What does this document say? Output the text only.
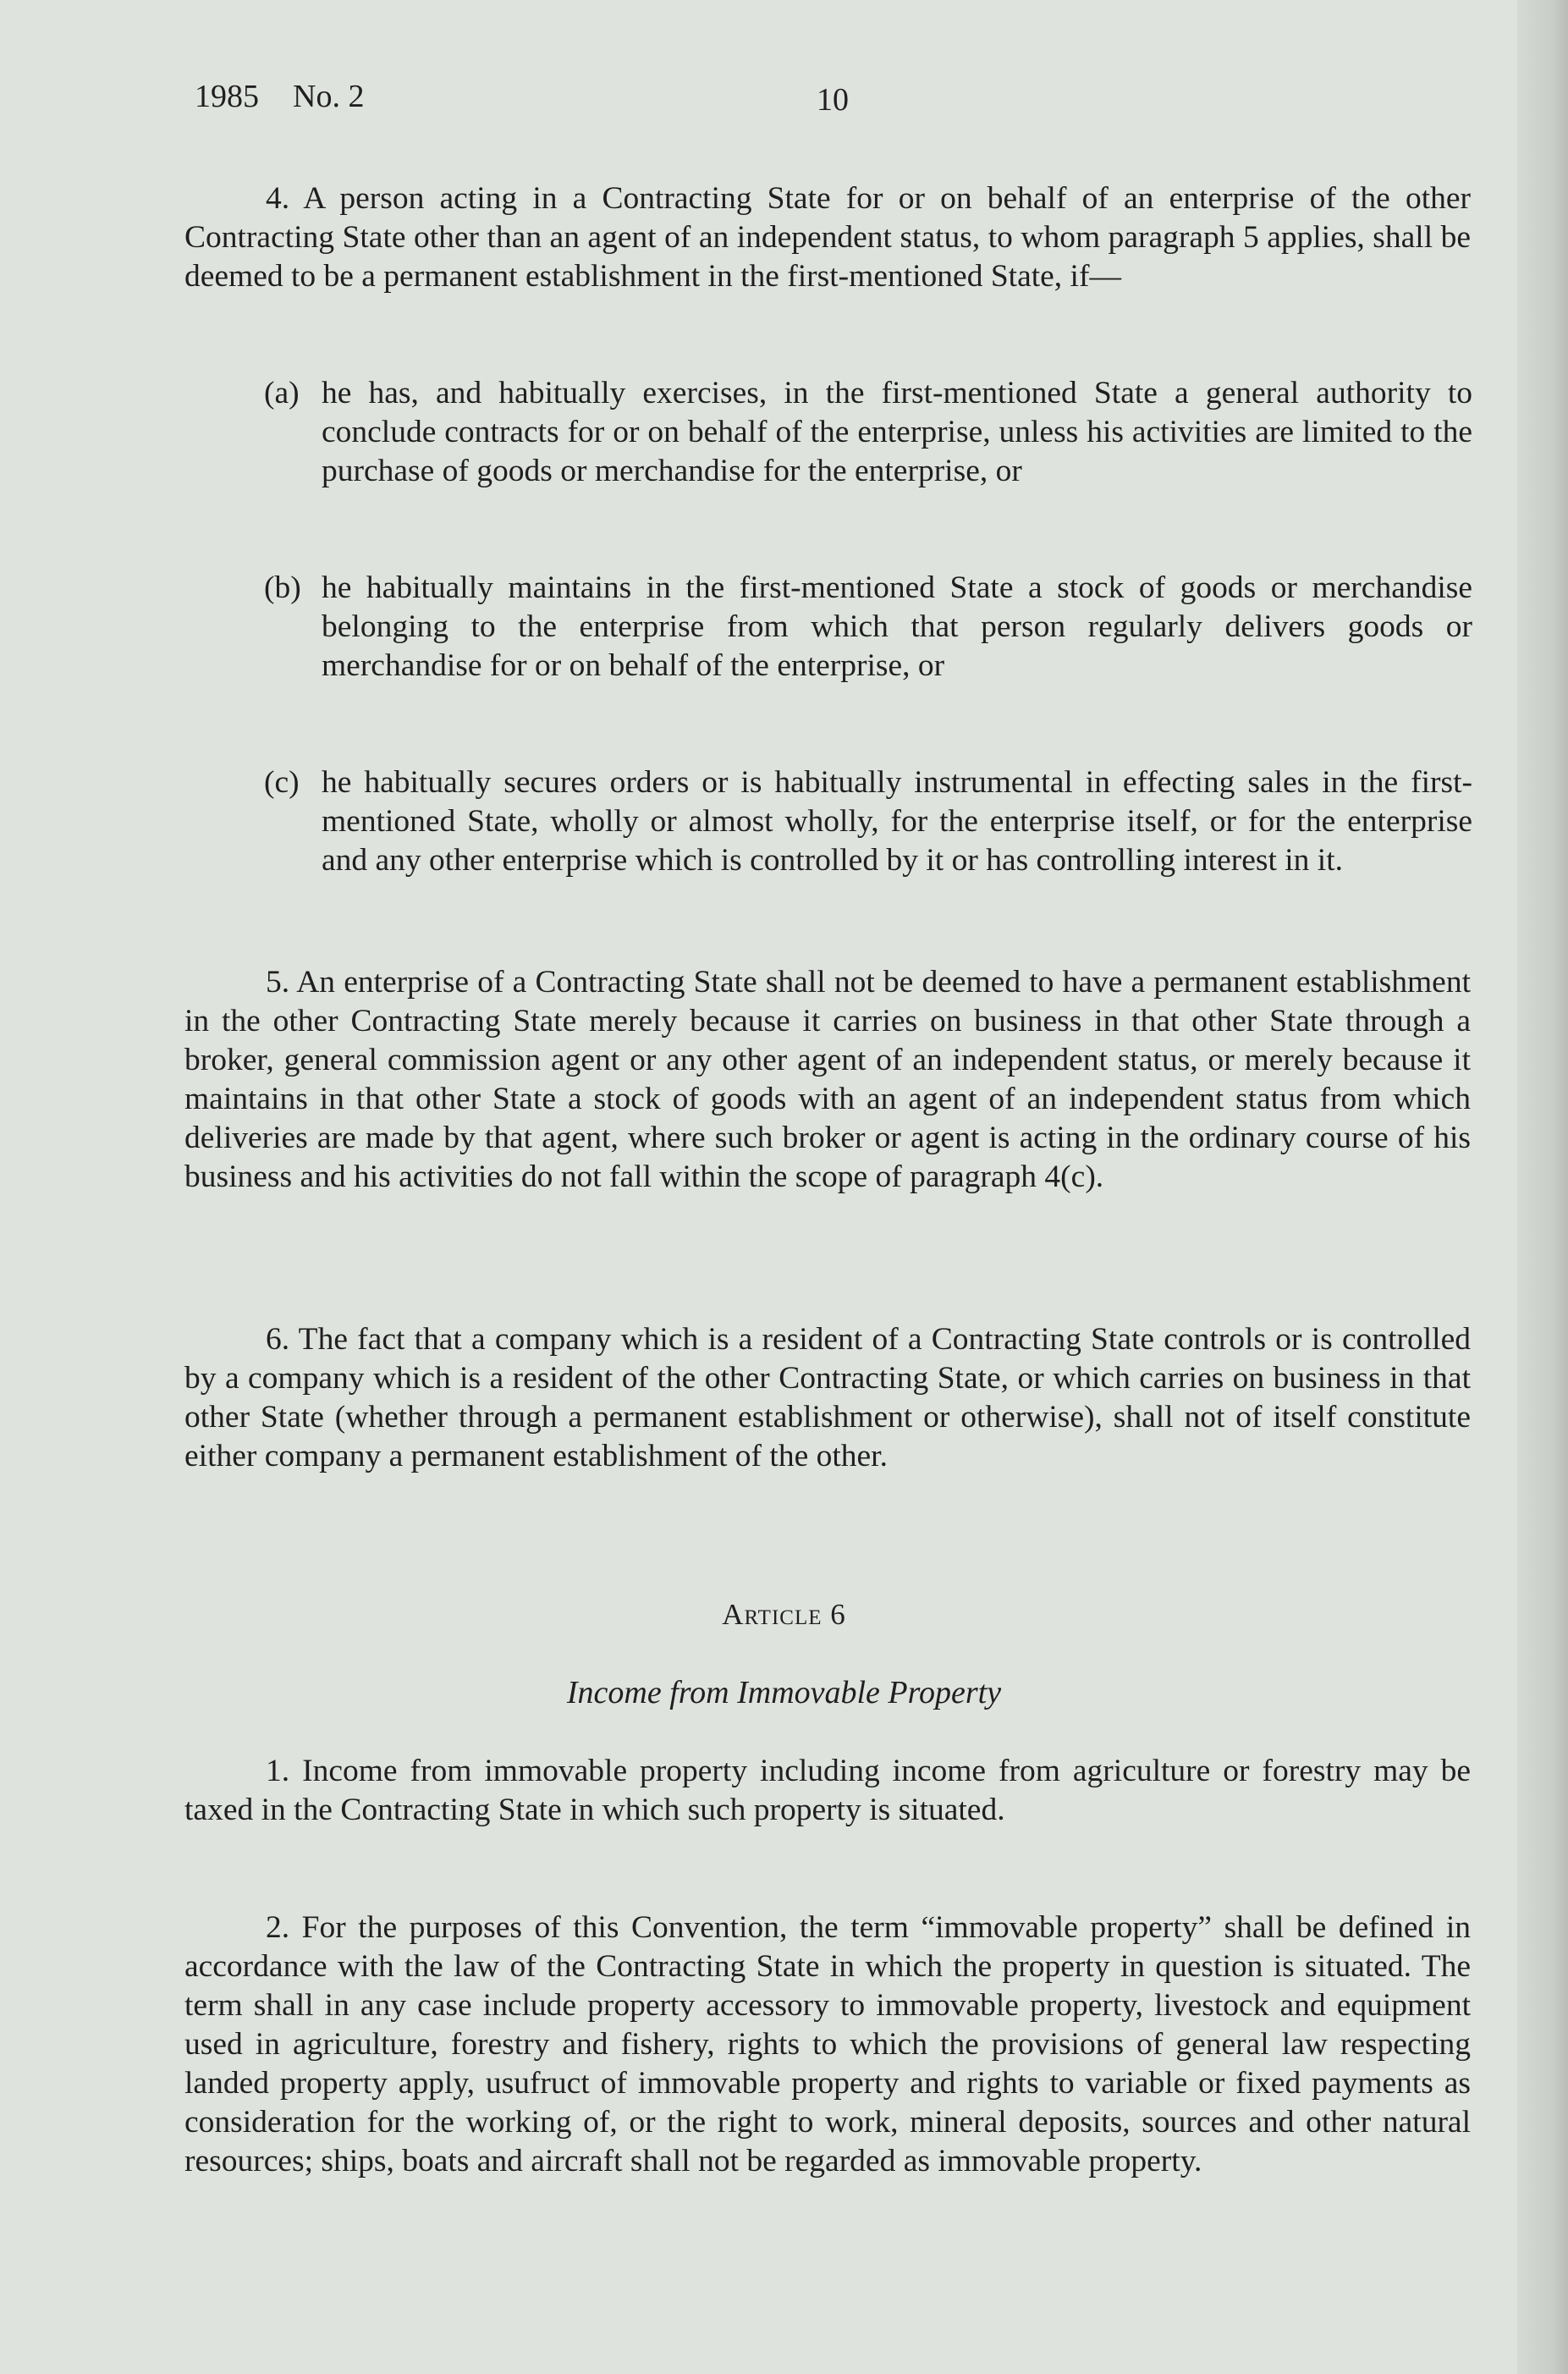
1985 No. 2	10

4. A person acting in a Contracting State for or on behalf of an enterprise of the other Contracting State other than an agent of an independent status, to whom paragraph 5 applies, shall be deemed to be a permanent establishment in the first-mentioned State, if—

(a) he has, and habitually exercises, in the first-mentioned State a general authority to conclude contracts for or on behalf of the enterprise, unless his activities are limited to the purchase of goods or merchandise for the enterprise, or
(b) he habitually maintains in the first-mentioned State a stock of goods or merchandise belonging to the enterprise from which that person regularly delivers goods or merchandise for or on behalf of the enterprise, or
(c) he habitually secures orders or is habitually instrumental in effecting sales in the first-mentioned State, wholly or almost wholly, for the enterprise itself, or for the enterprise and any other enterprise which is controlled by it or has controlling interest in it.

5. An enterprise of a Contracting State shall not be deemed to have a permanent establishment in the other Contracting State merely because it carries on business in that other State through a broker, general commission agent or any other agent of an independent status, or merely because it maintains in that other State a stock of goods with an agent of an independent status from which deliveries are made by that agent, where such broker or agent is acting in the ordinary course of his business and his activities do not fall within the scope of paragraph 4(c).

6. The fact that a company which is a resident of a Contracting State controls or is controlled by a company which is a resident of the other Contracting State, or which carries on business in that other State (whether through a permanent establishment or otherwise), shall not of itself constitute either company a permanent establishment of the other.

Article 6
Income from Immovable Property

1. Income from immovable property including income from agriculture or forestry may be taxed in the Contracting State in which such property is situated.

2. For the purposes of this Convention, the term “immovable property” shall be defined in accordance with the law of the Contracting State in which the property in question is situated. The term shall in any case include property accessory to immovable property, livestock and equipment used in agriculture, forestry and fishery, rights to which the provisions of general law respecting landed property apply, usufruct of immovable property and rights to variable or fixed payments as consideration for the working of, or the right to work, mineral deposits, sources and other natural resources; ships, boats and aircraft shall not be regarded as immovable property.
